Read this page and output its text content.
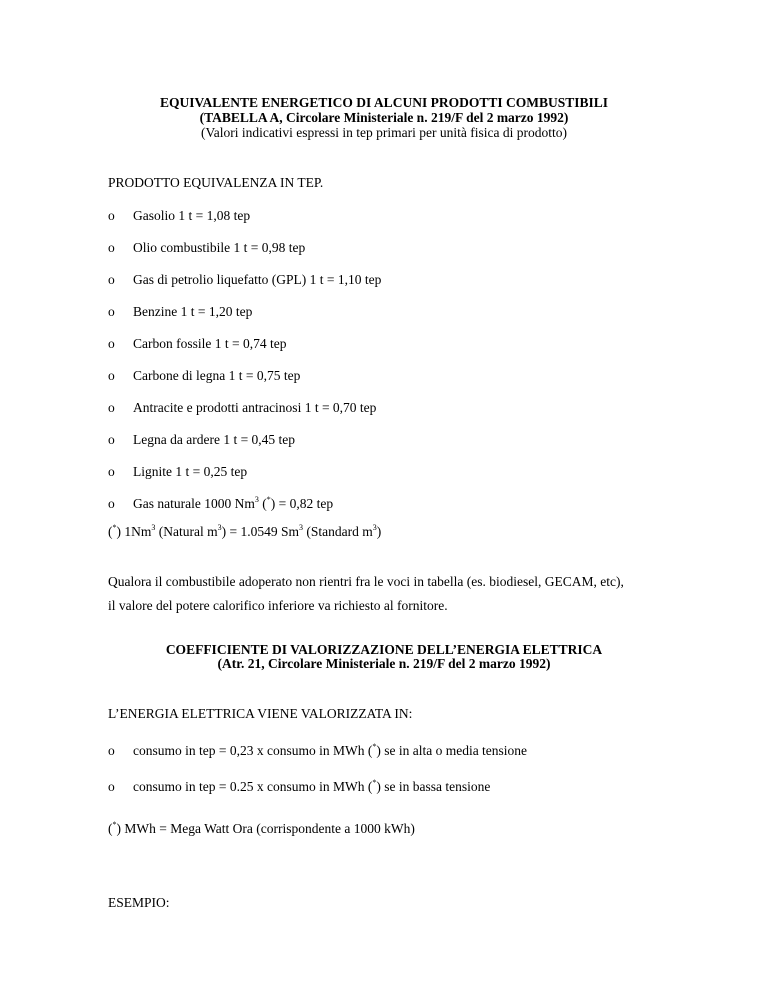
EQUIVALENTE ENERGETICO DI ALCUNI PRODOTTI COMBUSTIBILI
(TABELLA A, Circolare Ministeriale n. 219/F del 2 marzo 1992)
(Valori indicativi espressi in tep primari per unità fisica di prodotto)
PRODOTTO EQUIVALENZA IN TEP.
o Gasolio 1 t = 1,08 tep
o Olio combustibile 1 t = 0,98 tep
o Gas di petrolio liquefatto (GPL) 1 t = 1,10 tep
o Benzine 1 t = 1,20 tep
o Carbon fossile 1 t = 0,74 tep
o Carbone di legna 1 t = 0,75 tep
o Antracite e prodotti antracinosi 1 t = 0,70 tep
o Legna da ardere 1 t = 0,45 tep
o Lignite 1 t = 0,25 tep
o Gas naturale 1000 Nm$^3$ (*) = 0,82 tep
(*) 1Nm$^3$ (Natural $m^3) = 1.0549$ Sm$^3$ (Standard $m^3$)
Qualora il combustibile adoperato non rientri fra le voci in tabella (es. biodiesel, GECAM, etc),
il valore del potere calorifico inferiore va richiesto al fornitore.
COEFFICIENTE DI VALORIZZAZIONE DELL’ENERGIA ELETTRICA
(Atr. 21, Circolare Ministeriale n. 219/F del 2 marzo 1992)
L’ENERGIA ELETTRICA VIENE VALORIZZATA IN:
o consumo in tep = 0,23 x consumo in MWh (*) se in alta o media tensione
o consumo in tep = 0.25 x consumo in MWh (*) se in bassa tensione
(*) MWh = Mega Watt Ora (corrispondente a 1000 kWh)
ESEMPIO:
